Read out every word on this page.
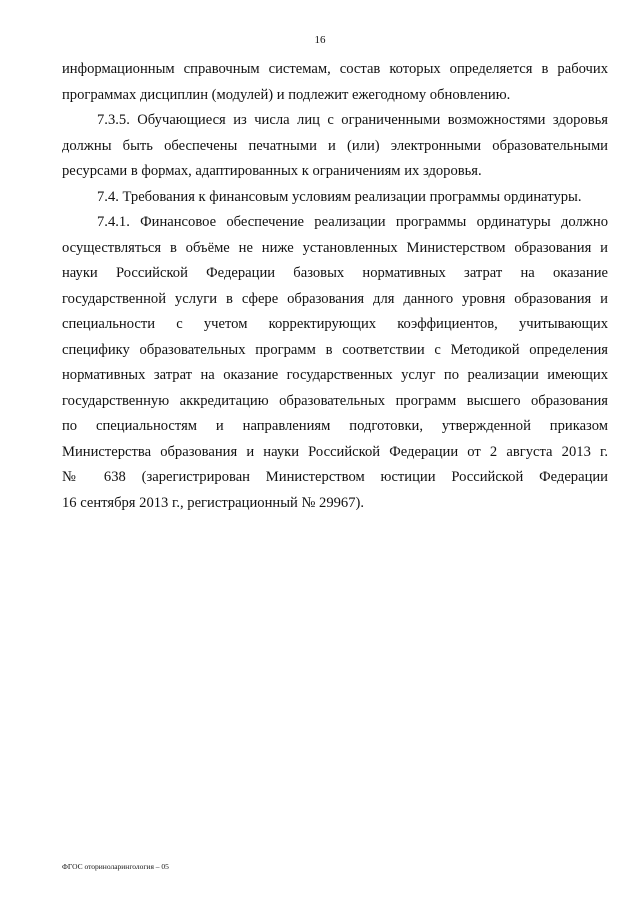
16
информационным справочным системам, состав которых определяется в рабочих
программах дисциплин (модулей) и подлежит ежегодному обновлению.
7.3.5. Обучающиеся из числа лиц с ограниченными возможностями здоровья
должны быть обеспечены печатными и (или) электронными образовательными
ресурсами в формах, адаптированных к ограничениям их здоровья.
7.4. Требования к финансовым условиям реализации программы ординатуры.
7.4.1. Финансовое обеспечение реализации программы ординатуры должно
осуществляться в объёме не ниже установленных Министерством образования и
науки Российской Федерации базовых нормативных затрат на оказание
государственной услуги в сфере образования для данного уровня образования и
специальности с учетом корректирующих коэффициентов, учитывающих
специфику образовательных программ в соответствии с Методикой определения
нормативных затрат на оказание государственных услуг по реализации имеющих
государственную аккредитацию образовательных программ высшего образования
по специальностям и направлениям подготовки, утвержденной приказом
Министерства образования и науки Российской Федерации от 2 августа 2013 г.
№ 638 (зарегистрирован Министерством юстиции Российской Федерации
16 сентября 2013 г., регистрационный № 29967).
ФГОС оториноларингология – 05
